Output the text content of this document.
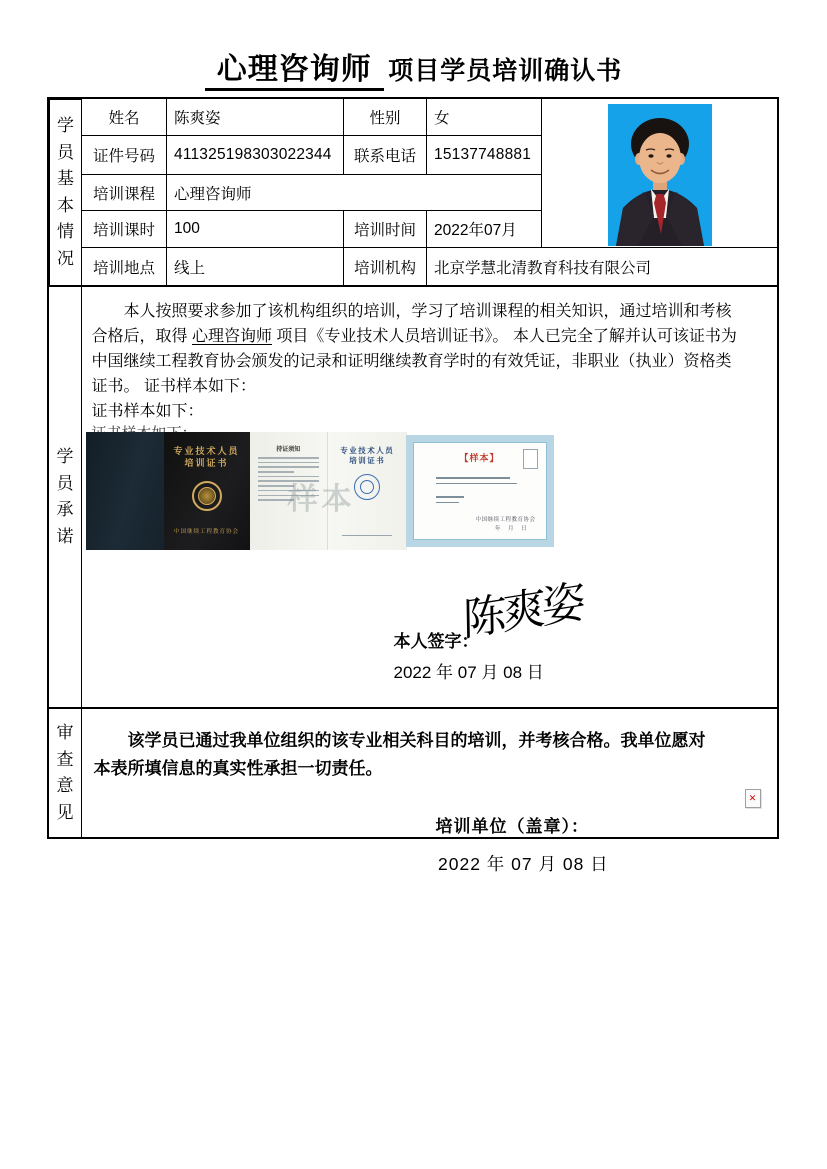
心理咨询师 项目学员培训确认书
学员基本情况
姓名	陈爽姿	性别	女
证件号码	411325198303022344	联系电话	15137748881
培训课程	心理咨询师
培训课时	100	培训时间	2022年07月
培训地点	线上	培训机构	北京学慧北清教育科技有限公司
学员承诺
本人按照要求参加了该机构组织的培训，学习了培训课程的相关知识，通过培训和考核合格后，取得 心理咨询师 项目《专业技术人员培训证书》。 本人已完全了解并认可该证书为中国继续工程教育协会颁发的记录和证明继续教育学时的有效凭证，非职业（执业）资格类证书。 证书样本如下：
证书样本如下：
专业技术人员
培训证书
中国继续工程教育协会
持证须知	专业技术人员
培训证书
样本
【样本】
中国继续工程教育协会
年 月 日
陈爽姿
本人签字：
2022 年 07 月 08 日
审查意见
该学员已通过我单位组织的该专业相关科目的培训，并考核合格。我单位愿对本表所填信息的真实性承担一切责任。
✕
培训单位（盖章）：
2022 年 07 月 08 日
